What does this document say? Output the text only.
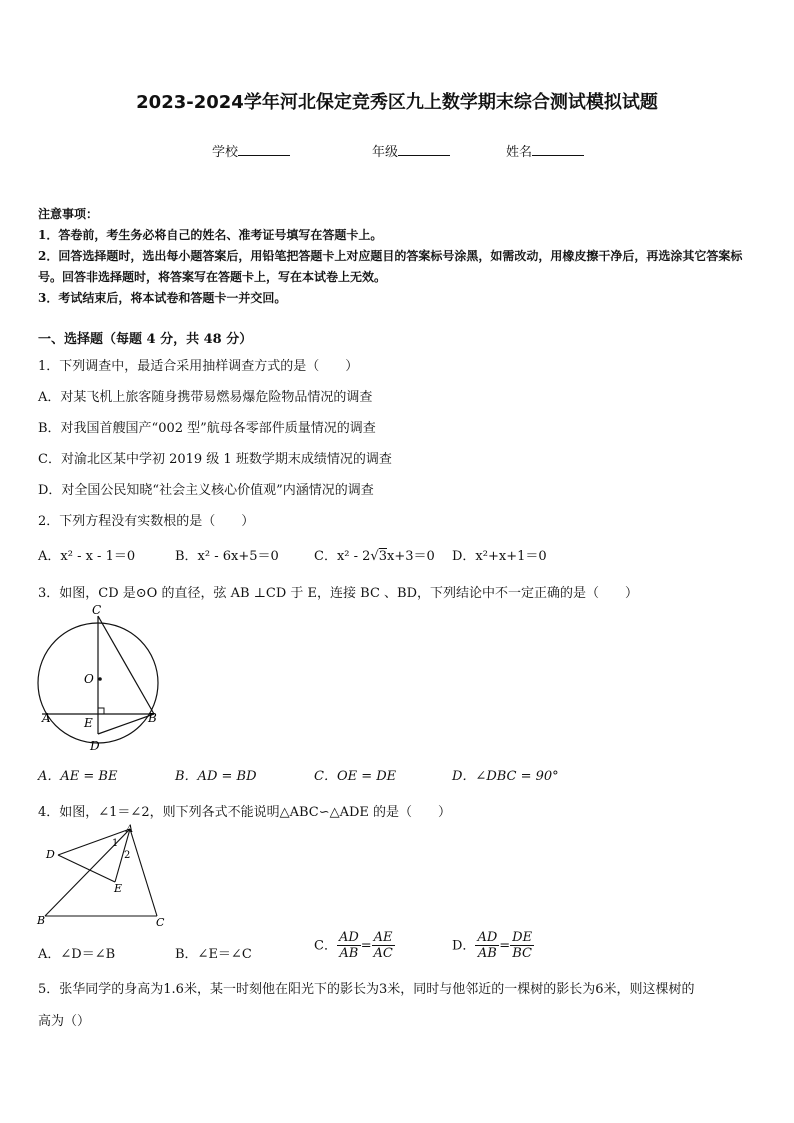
2023-2024学年河北保定竞秀区九上数学期末综合测试模拟试题
学校	年级	姓名
注意事项：
1．答卷前，考生务必将自己的姓名、准考证号填写在答题卡上。
2．回答选择题时，选出每小题答案后，用铅笔把答题卡上对应题目的答案标号涂黑，如需改动，用橡皮擦干净后，再选涂其它答案标号。回答非选择题时，将答案写在答题卡上，写在本试卷上无效。
3．考试结束后，将本试卷和答题卡一并交回。
一、选择题（每题 4 分，共 48 分）
1．下列调查中，最适合采用抽样调查方式的是（　　）
A．对某飞机上旅客随身携带易燃易爆危险物品情况的调查
B．对我国首艘国产“002 型”航母各零部件质量情况的调查
C．对渝北区某中学初 2019 级 1 班数学期末成绩情况的调查
D．对全国公民知晓“社会主义核心价值观”内涵情况的调查
2．下列方程没有实数根的是（　　）
A．x² - x - 1＝0	B．x² - 6x+5＝0	C．x² - 2√3x+3＝0 D．x²+x+1＝0
3．如图，CD 是⊙O 的直径，弦 AB ⊥CD 于 E，连接 BC 、BD，下列结论中不一定正确的是（　　）
C
O
A	E	B
D
A．AE = BE	B．AD = BD	C．OE = DE	D．∠DBC = 90°
4．如图，∠1＝∠2，则下列各式不能说明△ABC∽△ADE 的是（　　）
A
D
E
B	C
1
2
A．∠D＝∠B	B．∠E＝∠C
C． $\frac{AD}{AB} = \frac{AE}{AC}$	D． $\frac{AD}{AB} = \frac{DE}{BC}$
5．张华同学的身高为1.6米，某一时刻他在阳光下的影长为3米，同时与他邻近的一棵树的影长为6米，则这棵树的
高为（）
